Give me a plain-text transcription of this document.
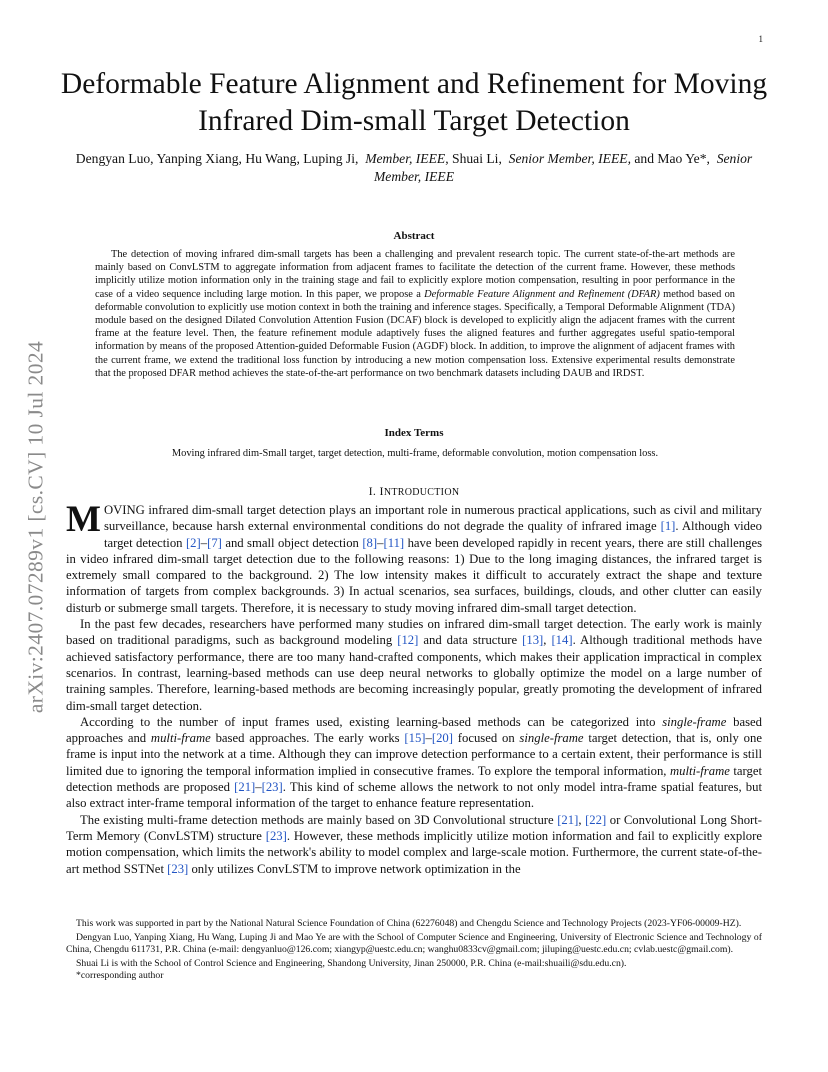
1
arXiv:2407.07289v1 [cs.CV] 10 Jul 2024
Deformable Feature Alignment and Refinement for Moving Infrared Dim-small Target Detection
Dengyan Luo, Yanping Xiang, Hu Wang, Luping Ji, Member, IEEE, Shuai Li, Senior Member, IEEE, and Mao Ye*, Senior Member, IEEE
Abstract
The detection of moving infrared dim-small targets has been a challenging and prevalent research topic. The current state-of-the-art methods are mainly based on ConvLSTM to aggregate information from adjacent frames to facilitate the detection of the current frame. However, these methods implicitly utilize motion information only in the training stage and fail to explicitly explore motion compensation, resulting in poor performance in the case of a video sequence including large motion. In this paper, we propose a Deformable Feature Alignment and Refinement (DFAR) method based on deformable convolution to explicitly use motion context in both the training and inference stages. Specifically, a Temporal Deformable Alignment (TDA) module based on the designed Dilated Convolution Attention Fusion (DCAF) block is developed to explicitly align the adjacent frames with the current frame at the feature level. Then, the feature refinement module adaptively fuses the aligned features and further aggregates useful spatio-temporal information by means of the proposed Attention-guided Deformable Fusion (AGDF) block. In addition, to improve the alignment of adjacent frames with the current frame, we extend the traditional loss function by introducing a new motion compensation loss. Extensive experimental results demonstrate that the proposed DFAR method achieves the state-of-the-art performance on two benchmark datasets including DAUB and IRDST.
Index Terms
Moving infrared dim-Small target, target detection, multi-frame, deformable convolution, motion compensation loss.
I. INTRODUCTION

MOVING infrared dim-small target detection plays an important role in numerous practical applications, such as civil and military surveillance, because harsh external environmental conditions do not degrade the quality of infrared image [1]. Although video target detection [2]–[7] and small object detection [8]–[11] have been developed rapidly in recent years, there are still challenges in video infrared dim-small target detection due to the following reasons: 1) Due to the long imaging distances, the infrared target is extremely small compared to the background. 2) The low intensity makes it difficult to accurately extract the shape and texture information of targets from complex backgrounds. 3) In actual scenarios, sea surfaces, buildings, clouds, and other clutter can easily disturb or submerge small targets. Therefore, it is necessary to study moving infrared dim-small target detection.

In the past few decades, researchers have performed many studies on infrared dim-small target detection. The early work is mainly based on traditional paradigms, such as background modeling [12] and data structure [13], [14]. Although traditional methods have achieved satisfactory performance, there are too many hand-crafted components, which makes their application impractical in complex scenarios. In contrast, learning-based methods can use deep neural networks to globally optimize the model on a large number of training samples. Therefore, learning-based methods are becoming increasingly popular, greatly promoting the development of infrared dim-small target detection.

According to the number of input frames used, existing learning-based methods can be categorized into single-frame based approaches and multi-frame based approaches. The early works [15]–[20] focused on single-frame target detection, that is, only one frame is input into the network at a time. Although they can improve detection performance to a certain extent, their performance is still limited due to ignoring the temporal information implied in consecutive frames. To explore the temporal information, multi-frame target detection methods are proposed [21]–[23]. This kind of scheme allows the network to not only model intra-frame spatial features, but also extract inter-frame temporal information of the target to enhance feature representation.

The existing multi-frame detection methods are mainly based on 3D Convolutional structure [21], [22] or Convolutional Long Short-Term Memory (ConvLSTM) structure [23]. However, these methods implicitly utilize motion information and fail to explicitly explore motion compensation, which limits the network's ability to model complex and large-scale motion. Furthermore, the current state-of-the-art method SSTNet [23] only utilizes ConvLSTM to improve network optimization in the

This work was supported in part by the National Natural Science Foundation of China (62276048) and Chengdu Science and Technology Projects (2023-YF06-00009-HZ).

Dengyan Luo, Yanping Xiang, Hu Wang, Luping Ji and Mao Ye are with the School of Computer Science and Engineering, University of Electronic Science and Technology of China, Chengdu 611731, P.R. China (e-mail: dengyanluo@126.com; xiangyp@uestc.edu.cn; wanghu0833cv@gmail.com; jiluping@uestc.edu.cn; cvlab.uestc@gmail.com).

Shuai Li is with the School of Control Science and Engineering, Shandong University, Jinan 250000, P.R. China (e-mail:shuaili@sdu.edu.cn).

*corresponding author
